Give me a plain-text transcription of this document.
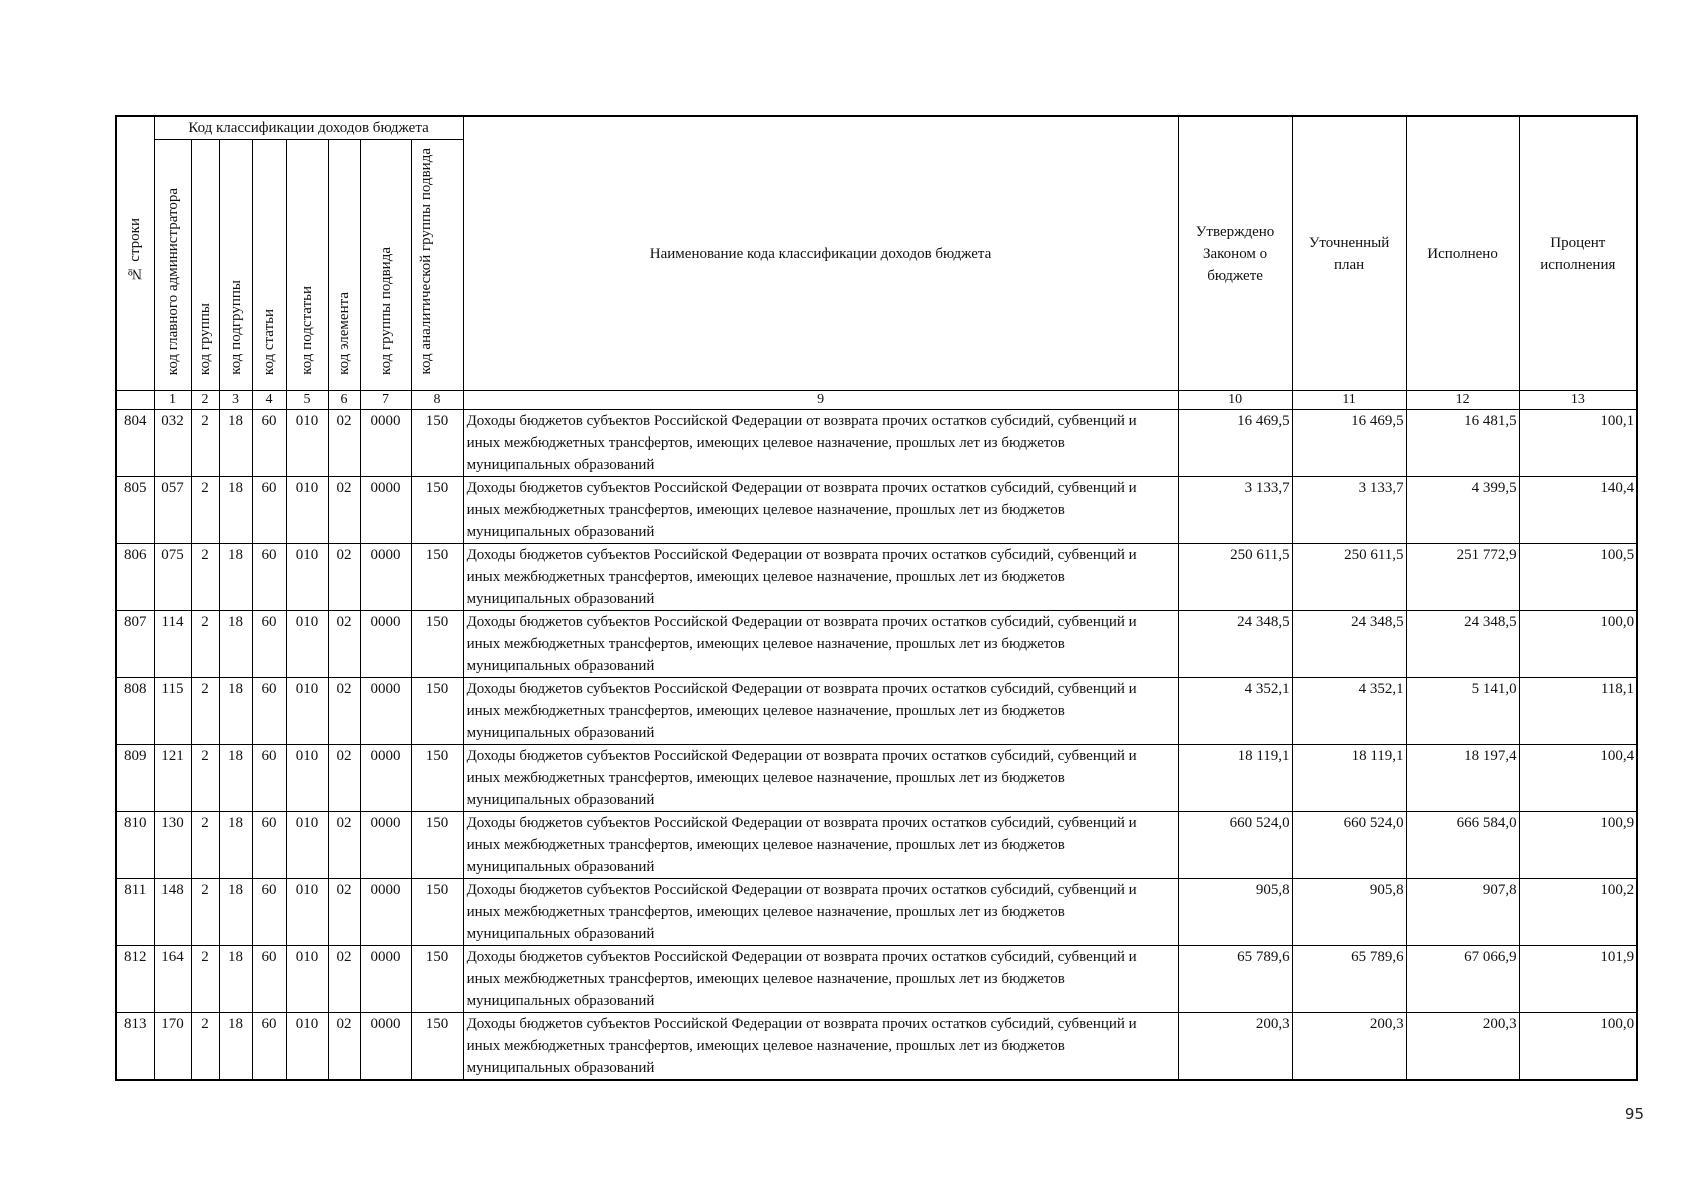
№ строки	Код классификации доходов бюджета								Наименование кода классификации доходов бюджета	Утверждено Законом о бюджете	Уточненный план	Исполнено	Процент исполнения
	код главного администратора	код группы	код подгруппы	код статьи	код подстатьи	код элемента	код группы подвида	код аналитической группы подвида					
	1	2	3	4	5	6	7	8	9	10	11	12	13
804	032	2	18	60	010	02	0000	150	Доходы бюджетов субъектов Российской Федерации от возврата прочих остатков субсидий, субвенций и иных межбюджетных трансфертов, имеющих целевое назначение, прошлых лет из бюджетов муниципальных образований	16 469,5	16 469,5	16 481,5	100,1
805	057	2	18	60	010	02	0000	150	Доходы бюджетов субъектов Российской Федерации от возврата прочих остатков субсидий, субвенций и иных межбюджетных трансфертов, имеющих целевое назначение, прошлых лет из бюджетов муниципальных образований	3 133,7	3 133,7	4 399,5	140,4
806	075	2	18	60	010	02	0000	150	Доходы бюджетов субъектов Российской Федерации от возврата прочих остатков субсидий, субвенций и иных межбюджетных трансфертов, имеющих целевое назначение, прошлых лет из бюджетов муниципальных образований	250 611,5	250 611,5	251 772,9	100,5
807	114	2	18	60	010	02	0000	150	Доходы бюджетов субъектов Российской Федерации от возврата прочих остатков субсидий, субвенций и иных межбюджетных трансфертов, имеющих целевое назначение, прошлых лет из бюджетов муниципальных образований	24 348,5	24 348,5	24 348,5	100,0
808	115	2	18	60	010	02	0000	150	Доходы бюджетов субъектов Российской Федерации от возврата прочих остатков субсидий, субвенций и иных межбюджетных трансфертов, имеющих целевое назначение, прошлых лет из бюджетов муниципальных образований	4 352,1	4 352,1	5 141,0	118,1
809	121	2	18	60	010	02	0000	150	Доходы бюджетов субъектов Российской Федерации от возврата прочих остатков субсидий, субвенций и иных межбюджетных трансфертов, имеющих целевое назначение, прошлых лет из бюджетов муниципальных образований	18 119,1	18 119,1	18 197,4	100,4
810	130	2	18	60	010	02	0000	150	Доходы бюджетов субъектов Российской Федерации от возврата прочих остатков субсидий, субвенций и иных межбюджетных трансфертов, имеющих целевое назначение, прошлых лет из бюджетов муниципальных образований	660 524,0	660 524,0	666 584,0	100,9
811	148	2	18	60	010	02	0000	150	Доходы бюджетов субъектов Российской Федерации от возврата прочих остатков субсидий, субвенций и иных межбюджетных трансфертов, имеющих целевое назначение, прошлых лет из бюджетов муниципальных образований	905,8	905,8	907,8	100,2
812	164	2	18	60	010	02	0000	150	Доходы бюджетов субъектов Российской Федерации от возврата прочих остатков субсидий, субвенций и иных межбюджетных трансфертов, имеющих целевое назначение, прошлых лет из бюджетов муниципальных образований	65 789,6	65 789,6	67 066,9	101,9
813	170	2	18	60	010	02	0000	150	Доходы бюджетов субъектов Российской Федерации от возврата прочих остатков субсидий, субвенций и иных межбюджетных трансфертов, имеющих целевое назначение, прошлых лет из бюджетов муниципальных образований	200,3	200,3	200,3	100,0
95
